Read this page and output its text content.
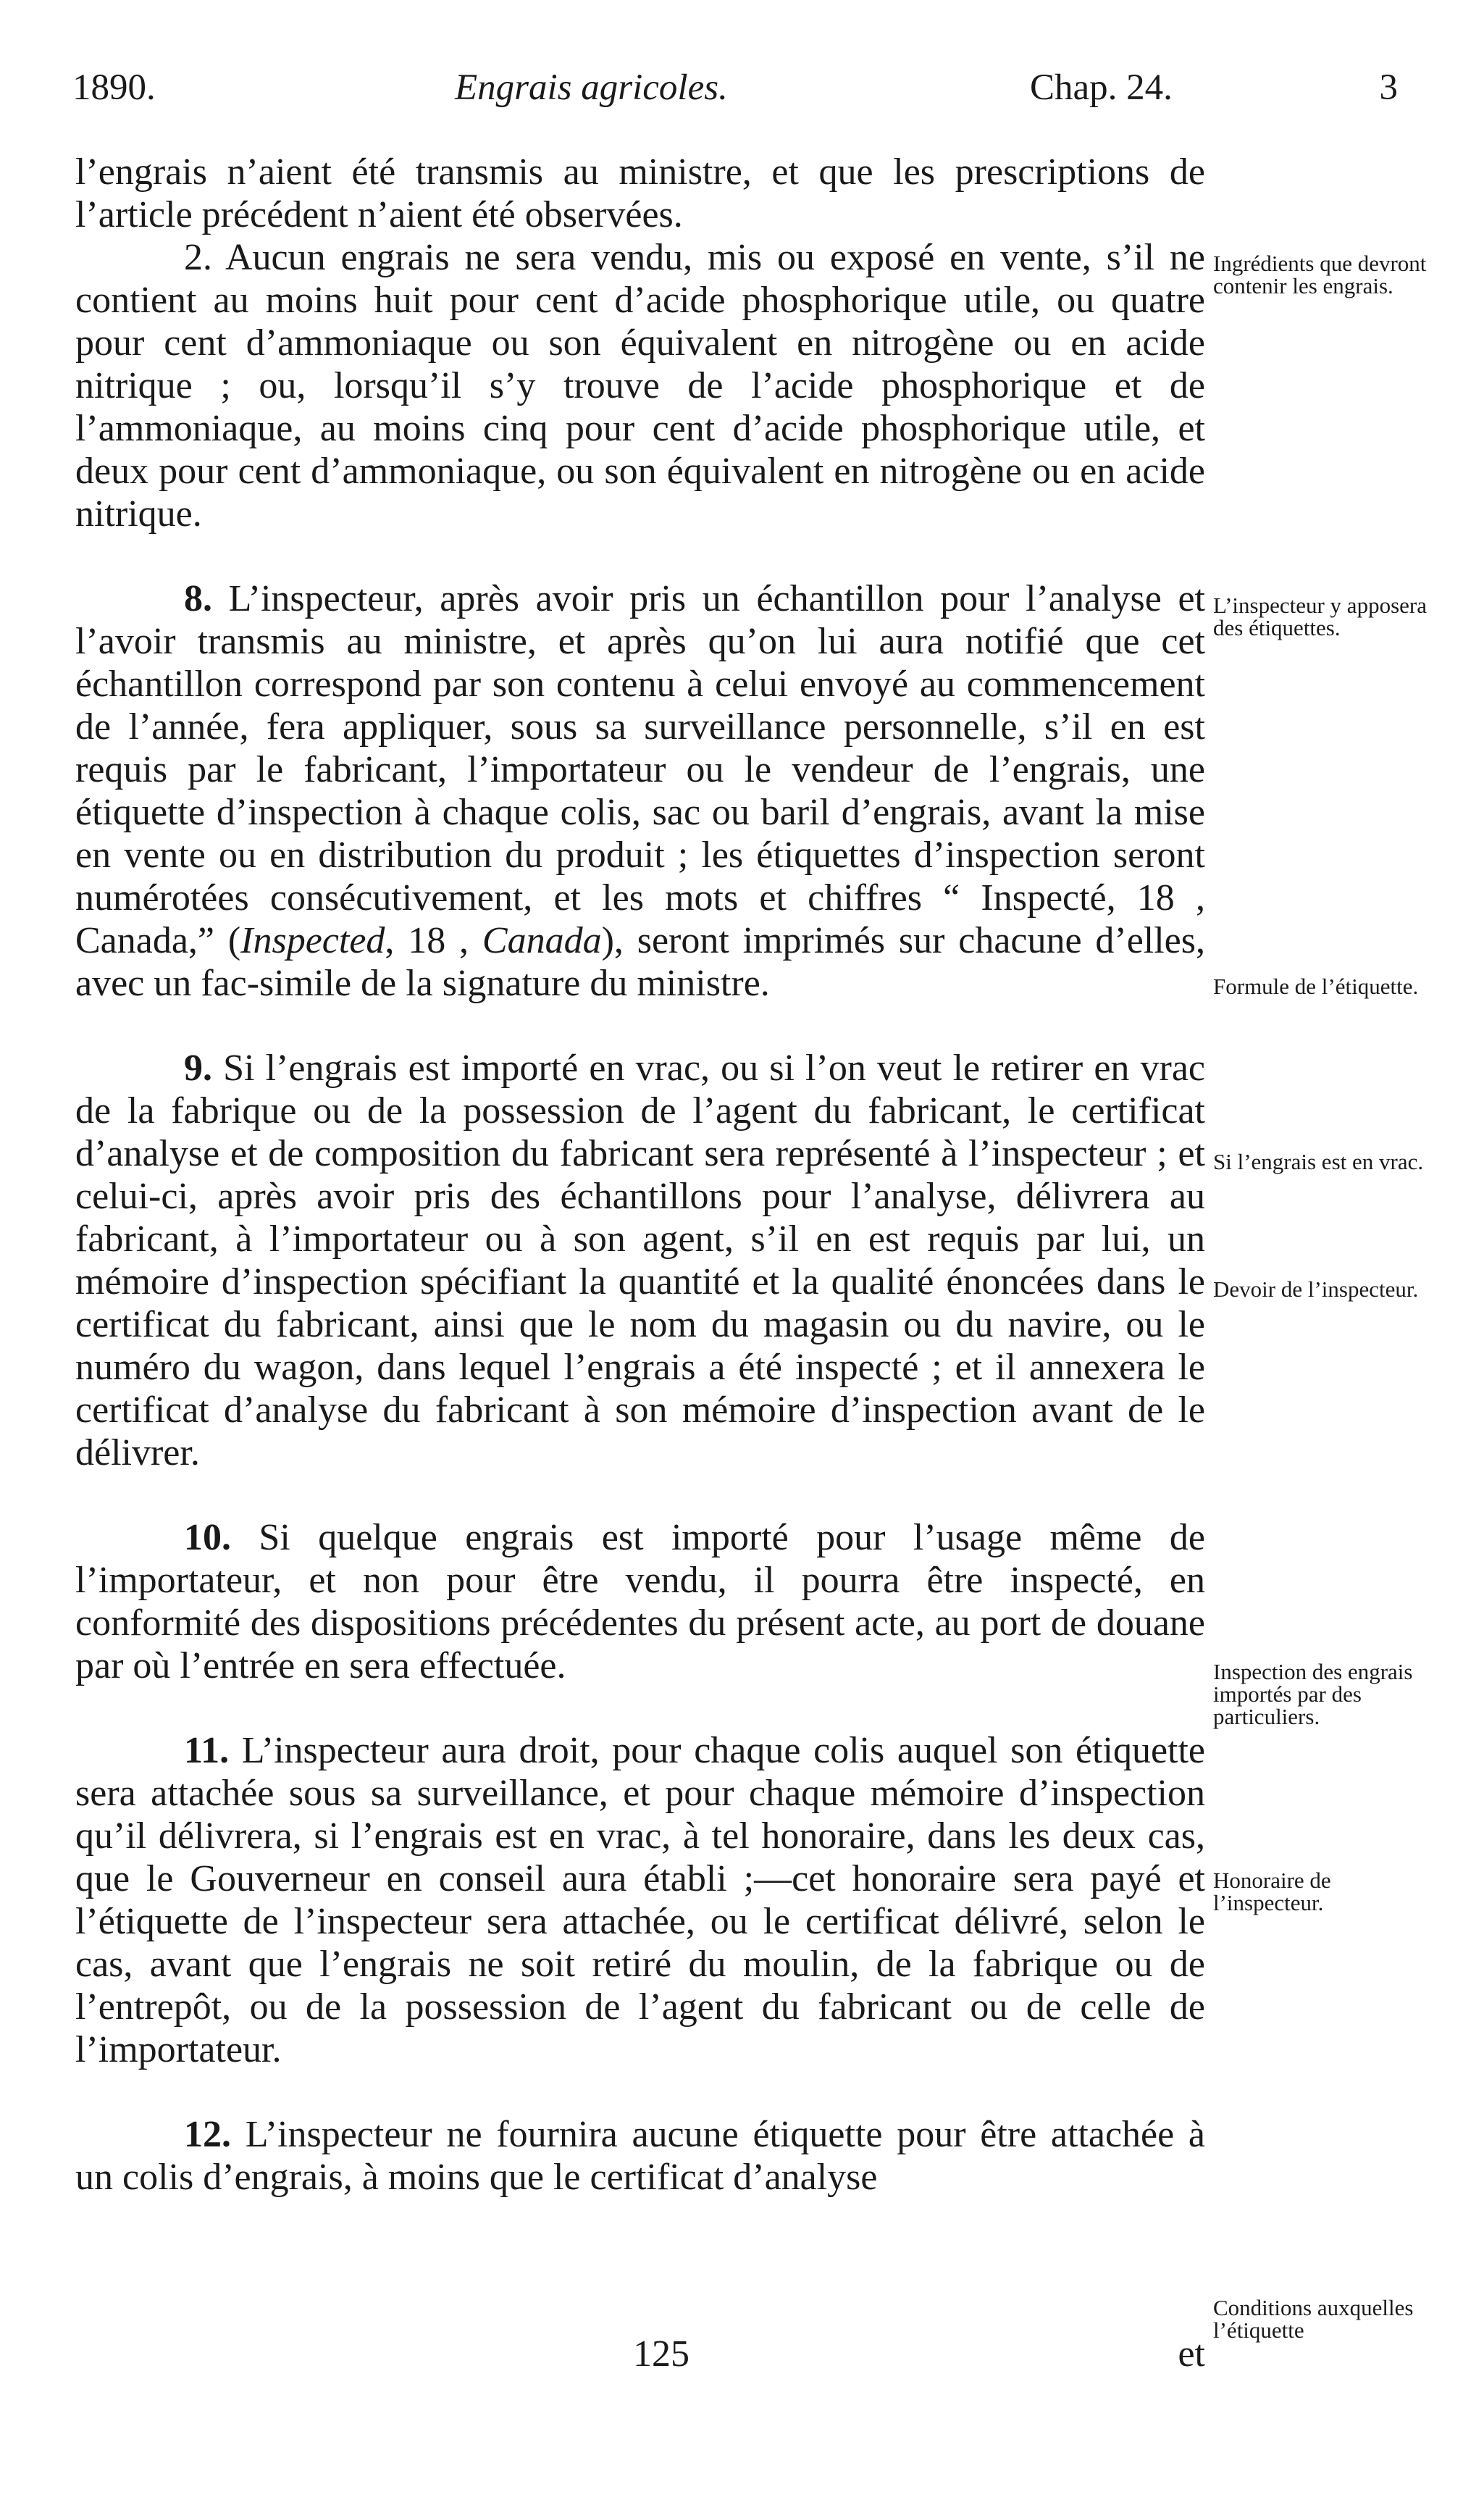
1890.	Engrais agricoles.	Chap. 24.	3

l’engrais n’aient été transmis au ministre, et que les prescriptions de l’article précédent n’aient été observées.

2. Aucun engrais ne sera vendu, mis ou exposé en vente, s’il ne contient au moins huit pour cent d’acide phosphorique utile, ou quatre pour cent d’ammoniaque ou son équivalent en nitrogène ou en acide nitrique ; ou, lorsqu’il s’y trouve de l’acide phosphorique et de l’ammoniaque, au moins cinq pour cent d’acide phosphorique utile, et deux pour cent d’ammoniaque, ou son équivalent en nitrogène ou en acide nitrique.

8. L’inspecteur, après avoir pris un échantillon pour l’analyse et l’avoir transmis au ministre, et après qu’on lui aura notifié que cet échantillon correspond par son contenu à celui envoyé au commencement de l’année, fera appliquer, sous sa surveillance personnelle, s’il en est requis par le fabricant, l’importateur ou le vendeur de l’engrais, une étiquette d’inspection à chaque colis, sac ou baril d’engrais, avant la mise en vente ou en distribution du produit ; les étiquettes d’inspection seront numérotées consécutivement, et les mots et chiffres “ Inspecté, 18 , Canada,” (Inspected, 18 , Canada), seront imprimés sur chacune d’elles, avec un fac-simile de la signature du ministre.

9. Si l’engrais est importé en vrac, ou si l’on veut le retirer en vrac de la fabrique ou de la possession de l’agent du fabricant, le certificat d’analyse et de composition du fabricant sera représenté à l’inspecteur ; et celui-ci, après avoir pris des échantillons pour l’analyse, délivrera au fabricant, à l’importateur ou à son agent, s’il en est requis par lui, un mémoire d’inspection spécifiant la quantité et la qualité énoncées dans le certificat du fabricant, ainsi que le nom du magasin ou du navire, ou le numéro du wagon, dans lequel l’engrais a été inspecté ; et il annexera le certificat d’analyse du fabricant à son mémoire d’inspection avant de le délivrer.

10. Si quelque engrais est importé pour l’usage même de l’importateur, et non pour être vendu, il pourra être inspecté, en conformité des dispositions précédentes du présent acte, au port de douane par où l’entrée en sera effectuée.

11. L’inspecteur aura droit, pour chaque colis auquel son étiquette sera attachée sous sa surveillance, et pour chaque mémoire d’inspection qu’il délivrera, si l’engrais est en vrac, à tel honoraire, dans les deux cas, que le Gouverneur en conseil aura établi ;—cet honoraire sera payé et l’étiquette de l’inspecteur sera attachée, ou le certificat délivré, selon le cas, avant que l’engrais ne soit retiré du moulin, de la fabrique ou de l’entrepôt, ou de la possession de l’agent du fabricant ou de celle de l’importateur.

12. L’inspecteur ne fournira aucune étiquette pour être attachée à un colis d’engrais, à moins que le certificat d’analyse

Ingrédients que devront contenir les engrais.
L’inspecteur y apposera des étiquettes.
Formule de l’étiquette.
Si l’engrais est en vrac.
Devoir de l’inspecteur.
Inspection des engrais importés par des particuliers.
Honoraire de l’inspecteur.
Conditions auxquelles l’étiquette
125	et
